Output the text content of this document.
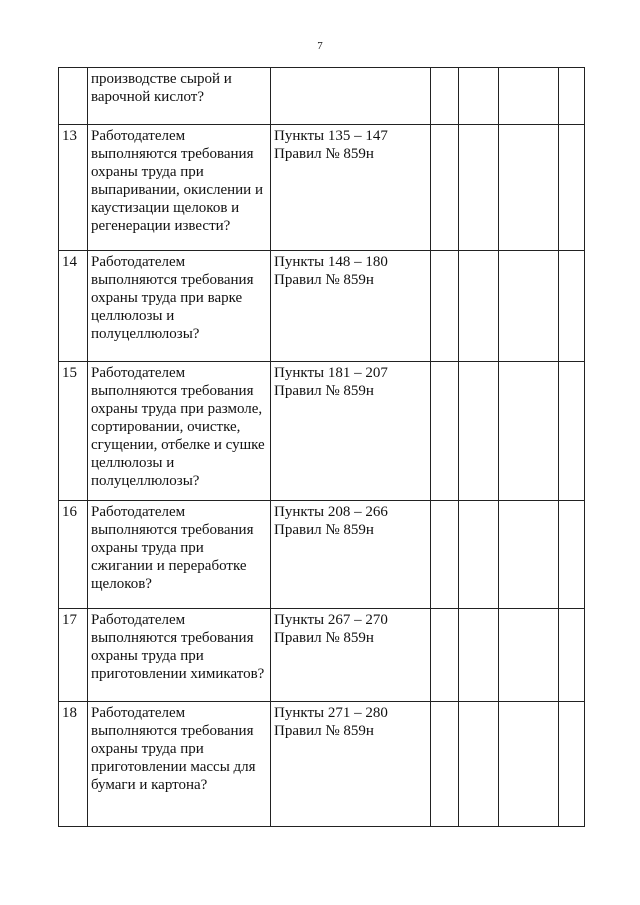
7
	производстве сырой и варочной кислот?	

13	Работодателем выполняются требования охраны труда при выпаривании, окислении и каустизации щелоков и регенерации извести?	Пункты 135 – 147
Правил № 859н				

14	Работодателем выполняются требования охраны труда при варке целлюлозы и полуцеллюлозы?	Пункты 148 – 180
Правил № 859н				

15	Работодателем выполняются требования охраны труда при размоле, сортировании, очистке, сгущении, отбелке и сушке целлюлозы и полуцеллюлозы?	Пункты 181 – 207
Правил № 859н				

16	Работодателем выполняются требования охраны труда при сжигании и переработке щелоков?	Пункты 208 – 266
Правил № 859н				

17	Работодателем выполняются требования охраны труда при приготовлении химикатов?	Пункты 267 – 270
Правил № 859н				

18	Работодателем выполняются требования охраны труда при приготовлении массы для бумаги и картона?	Пункты 271 – 280
Правил № 859н				
